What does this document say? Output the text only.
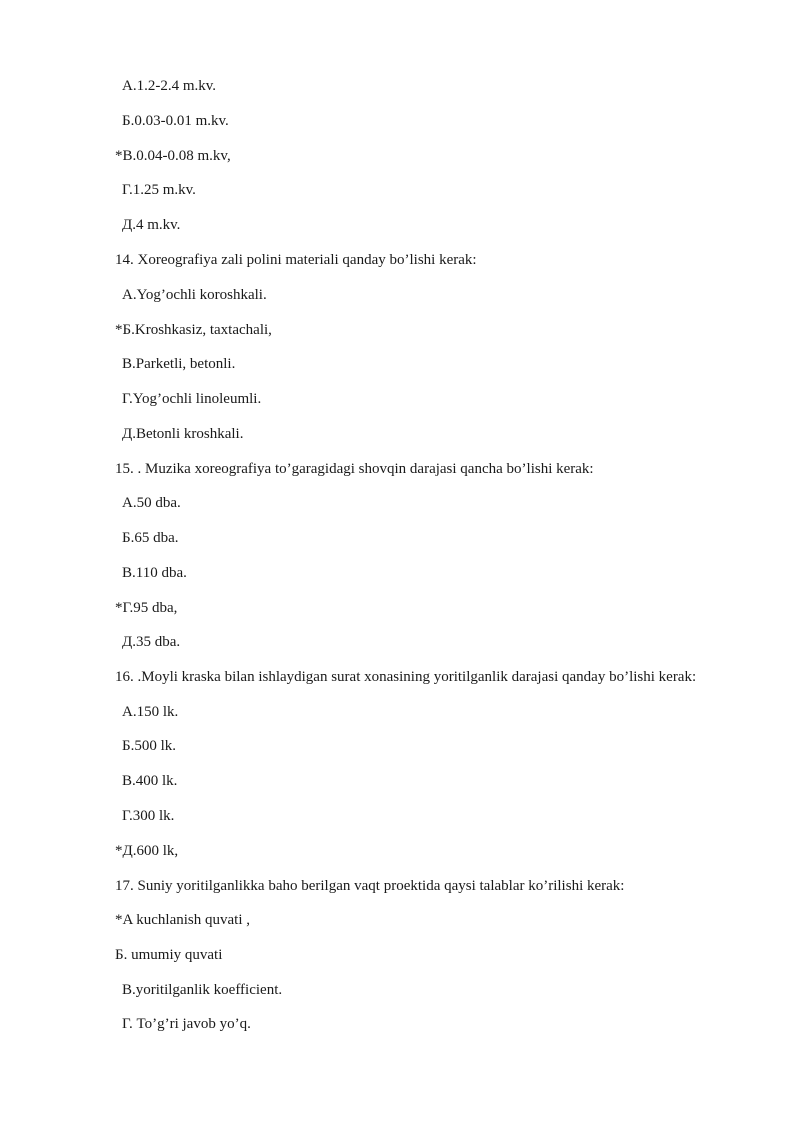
А.1.2-2.4 m.kv.
Б.0.03-0.01 m.kv.
*В.0.04-0.08 m.kv,
Г.1.25 m.kv.
Д.4 m.kv.
14. Xoreografiya zali polini materiali qanday bo’lishi kerak:
А.Yog’ochli koroshkali.
*Б.Kroshkasiz, taxtachali,
В.Parketli, betonli.
Г.Yog’ochli linoleumli.
Д.Betonli kroshkali.
15. . Muzika xoreografiya to’garagidagi shovqin darajasi qancha bo’lishi kerak:
А.50 dba.
Б.65 dba.
В.110 dba.
*Г.95 dba,
Д.35 dba.
16. .Moyli kraska bilan ishlaydigan surat xonasining yoritilganlik darajasi qanday bo’lishi kerak:
А.150 lk.
Б.500 lk.
В.400 lk.
Г.300 lk.
*Д.600 lk,
17. Suniy yoritilganlikka baho berilgan vaqt proektida qaysi talablar ko’rilishi kerak:
*A kuchlanish quvati ,
Б. umumiy quvati
В.yoritilganlik koefficient.
Г. To’g’ri javob yo’q.
